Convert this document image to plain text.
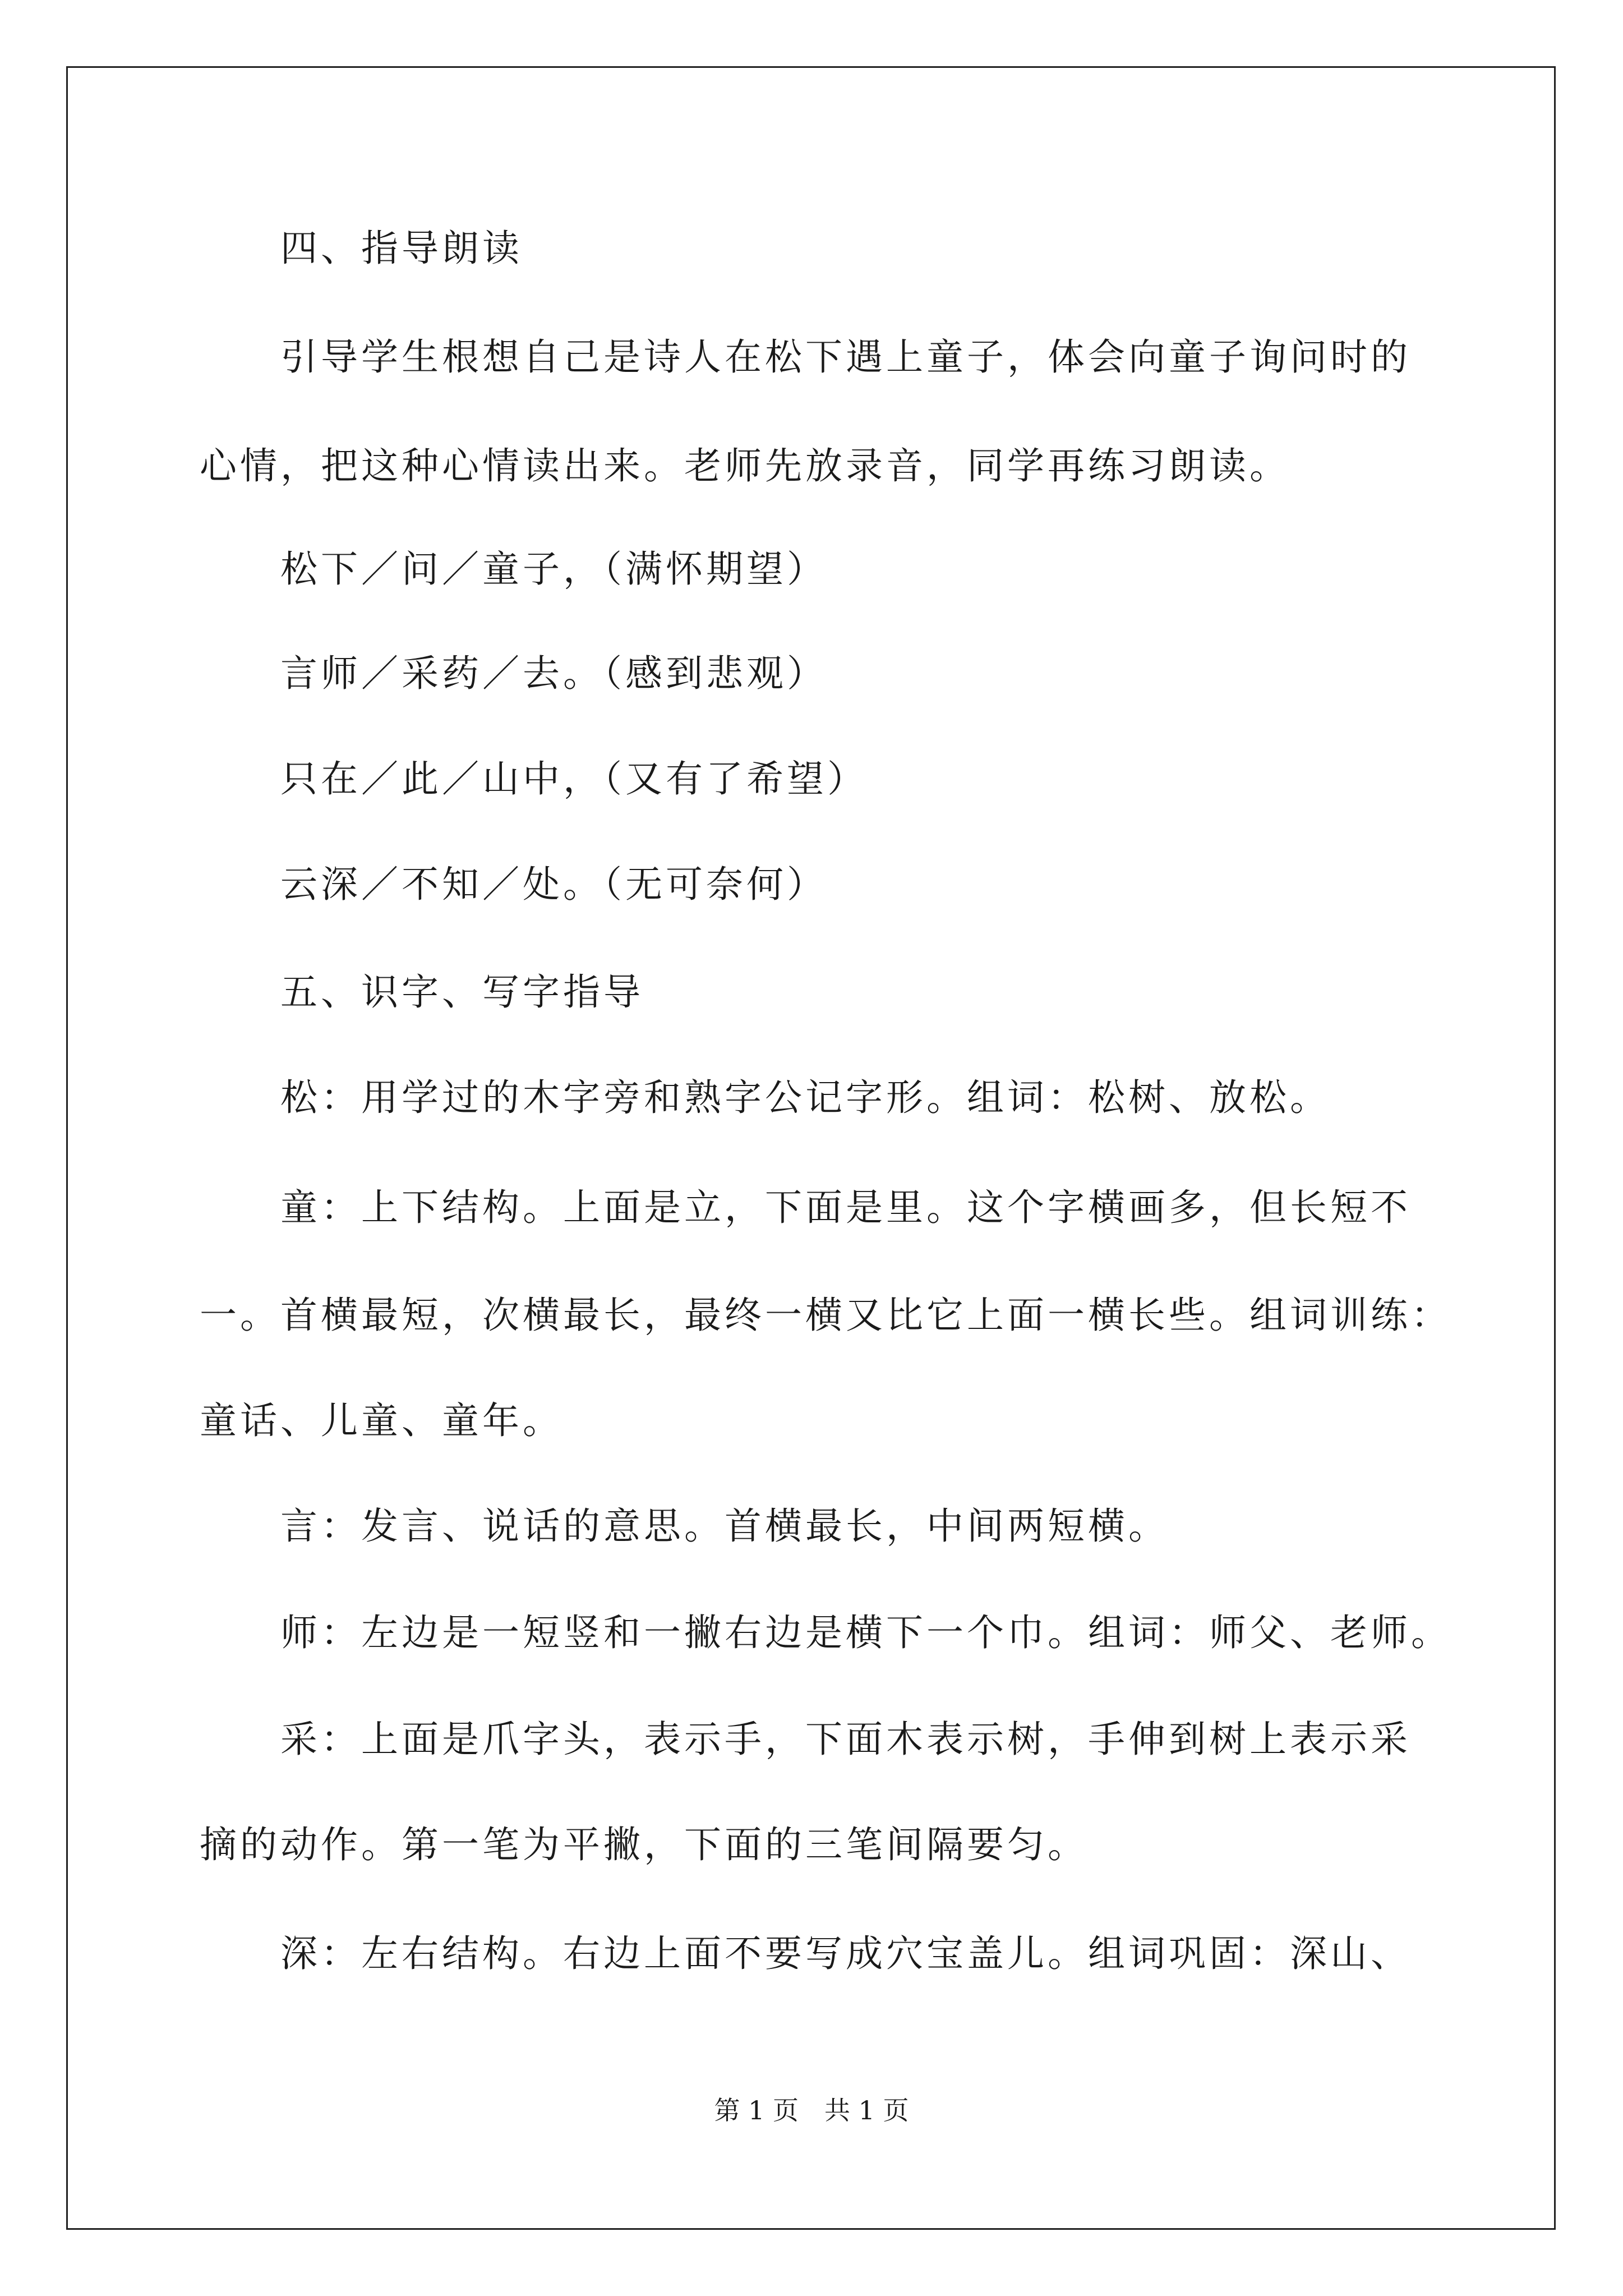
四、指导朗读
引导学生根想自己是诗人在松下遇上童子，体会向童子询问时的
心情，把这种心情读出来。老师先放录音，同学再练习朗读。
松下／问／童子，（满怀期望）
言师／采药／去。（感到悲观）
只在／此／山中，（又有了希望）
云深／不知／处。（无可奈何）
五、识字、写字指导
松：用学过的木字旁和熟字公记字形。组词：松树、放松。
童：上下结构。上面是立，下面是里。这个字横画多，但长短不
一。首横最短，次横最长，最终一横又比它上面一横长些。组词训练：
童话、儿童、童年。
言：发言、说话的意思。首横最长，中间两短横。
师：左边是一短竖和一撇右边是横下一个巾。组词：师父、老师。
采：上面是爪字头，表示手，下面木表示树，手伸到树上表示采
摘的动作。第一笔为平撇，下面的三笔间隔要匀。
深：左右结构。右边上面不要写成穴宝盖儿。组词巩固：深山、
第 1 页　共 1 页
